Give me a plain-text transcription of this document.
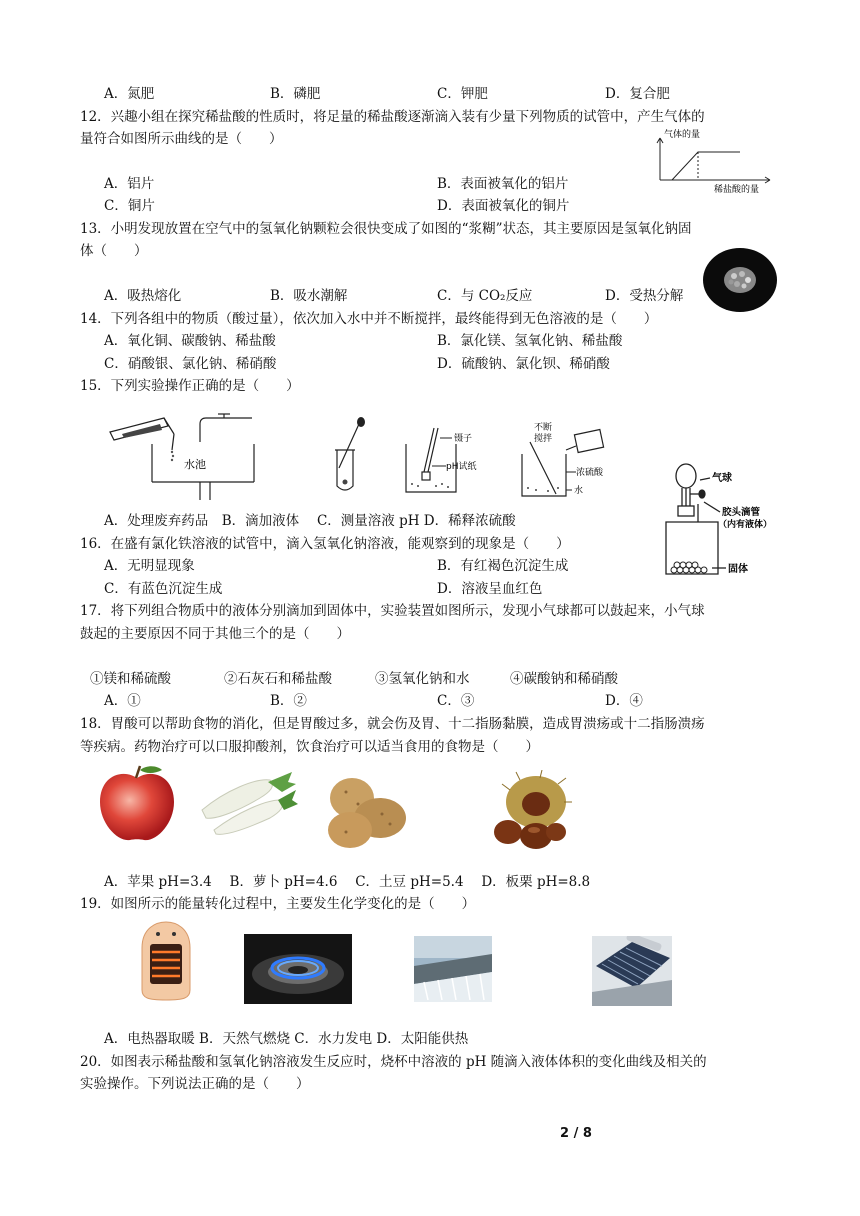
A．氮肥	B．磷肥	C．钾肥	D．复合肥
12．兴趣小组在探究稀盐酸的性质时，将足量的稀盐酸逐渐滴入装有少量下列物质的试管中，产生气体的
量符合如图所示曲线的是（　　）	气体的量
稀盐酸的量
A．铝片	B．表面被氧化的铝片
C．铜片	D．表面被氧化的铜片
13．小明发现放置在空气中的氢氧化钠颗粒会很快变成了如图的“浆糊”状态，其主要原因是氢氧化钠固
体（　　）
A．吸热熔化	B．吸水潮解	C．与 CO₂反应	D．受热分解
14．下列各组中的物质（酸过量），依次加入水中并不断搅拌，最终能得到无色溶液的是（　　）
A．氧化铜、碳酸钠、稀盐酸	B．氯化镁、氢氧化钠、稀盐酸
C．硝酸银、氯化钠、稀硝酸	D．硫酸钠、氯化钡、稀硝酸
15．下列实验操作正确的是（　　）
水池
镊子
pH试纸
不断
搅拌
浓硫酸
水
A．处理废弃药品　B．滴加液体　 C．测量溶液 pH D．稀释浓硫酸
气球
胶头滴管
（内有液体）
固体
16．在盛有氯化铁溶液的试管中，滴入氢氧化钠溶液，能观察到的现象是（　　）
A．无明显现象	B．有红褐色沉淀生成
C．有蓝色沉淀生成	D．溶液呈血红色
17．将下列组合物质中的液体分别滴加到固体中，实验装置如图所示，发现小气球都可以鼓起来，小气球
鼓起的主要原因不同于其他三个的是（　　）
①镁和稀硫酸	②石灰石和稀盐酸	③氢氧化钠和水	④碳酸钠和稀硝酸
A．①	B．②	C．③	D．④
18．胃酸可以帮助食物的消化，但是胃酸过多，就会伤及胃、十二指肠黏膜，造成胃溃疡或十二指肠溃疡
等疾病。药物治疗可以口服抑酸剂，饮食治疗可以适当食用的食物是（　　）
A．苹果 pH=3.4　 B．萝卜 pH=4.6　 C．土豆 pH=5.4　 D．板栗 pH=8.8
19．如图所示的能量转化过程中，主要发生化学变化的是（　　）
A．电热器取暖 B．天然气燃烧 C．水力发电 D．太阳能供热
20．如图表示稀盐酸和氢氧化钠溶液发生反应时，烧杯中溶液的 pH 随滴入液体体积的变化曲线及相关的
实验操作。下列说法正确的是（　　）
2 / 8
